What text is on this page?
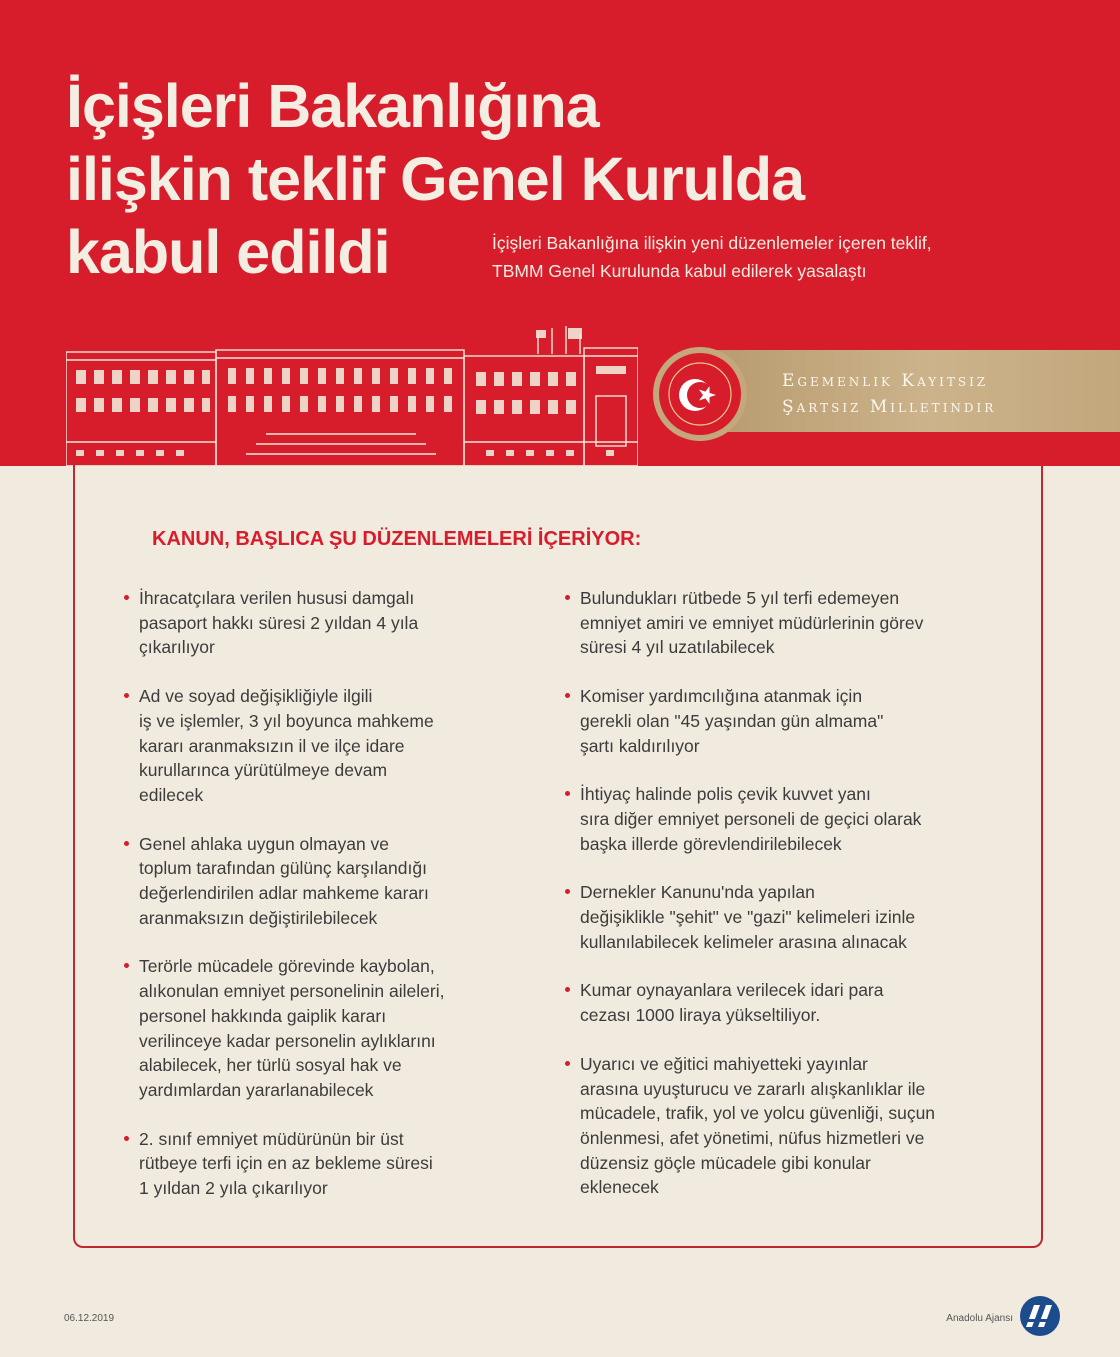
İçişleri Bakanlığına
ilişkin teklif Genel Kurulda
kabul edildi	İçişleri Bakanlığına ilişkin yeni düzenlemeler içeren teklif,
TBMM Genel Kurulunda kabul edilerek yasalaştı

Egemenlik Kayıtsız
Şartsız Milletindir

KANUN, BAŞLICA ŞU DÜZENLEMELERİ İÇERİYOR:
İhracatçılara verilen hususi damgalı
pasaport hakkı süresi 2 yıldan 4 yıla
çıkarılıyor
Ad ve soyad değişikliğiyle ilgili
iş ve işlemler, 3 yıl boyunca mahkeme
kararı aranmaksızın il ve ilçe idare
kurullarınca yürütülmeye devam
edilecek
Genel ahlaka uygun olmayan ve
toplum tarafından gülünç karşılandığı
değerlendirilen adlar mahkeme kararı
aranmaksızın değiştirilebilecek
Terörle mücadele görevinde kaybolan,
alıkonulan emniyet personelinin aileleri,
personel hakkında gaiplik kararı
verilinceye kadar personelin aylıklarını
alabilecek, her türlü sosyal hak ve
yardımlardan yararlanabilecek
2. sınıf emniyet müdürünün bir üst
rütbeye terfi için en az bekleme süresi
1 yıldan 2 yıla çıkarılıyor
Bulundukları rütbede 5 yıl terfi edemeyen
emniyet amiri ve emniyet müdürlerinin görev
süresi 4 yıl uzatılabilecek
Komiser yardımcılığına atanmak için
gerekli olan "45 yaşından gün almama"
şartı kaldırılıyor
İhtiyaç halinde polis çevik kuvvet yanı
sıra diğer emniyet personeli de geçici olarak
başka illerde görevlendirilebilecek
Dernekler Kanunu'nda yapılan
değişiklikle "şehit" ve "gazi" kelimeleri izinle
kullanılabilecek kelimeler arasına alınacak
Kumar oynayanlara verilecek idari para
cezası 1000 liraya yükseltiliyor.
Uyarıcı ve eğitici mahiyetteki yayınlar
arasına uyuşturucu ve zararlı alışkanlıklar ile
mücadele, trafik, yol ve yolcu güvenliği, suçun
önlenmesi, afet yönetimi, nüfus hizmetleri ve
düzensiz göçle mücadele gibi konular
eklenecek

06.12.2019	Anadolu Ajansı
